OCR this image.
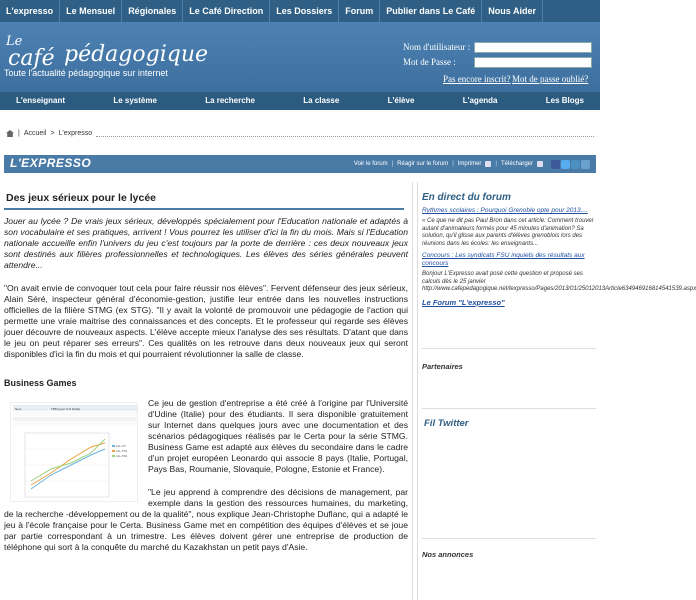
L'expresso	Le Mensuel	Régionales	Le Café Direction	Les Dossiers	Forum	Publier dans Le Café	Nous Aider
Le
café pédagogique
Toute l'actualité pédagogique sur internet
Nom d'utilisateur :
Mot de Passe :
Pas encore inscrit? Mot de passe oublié?
L'enseignant	Le système	La recherche	La classe	L'élève	L'agenda	Les Blogs
| Accueil > L'expresso
L'EXPRESSO	Voir le forum | Réagir sur le forum | Imprimer | Télécharger
Des jeux sérieux pour le lycée

Jouer au lycée ? De vrais jeux sérieux, développés spécialement pour l'Education nationale et adaptés à son vocabulaire et ses pratiques, arrivent ! Vous pourrez les utiliser d'ici la fin du mois. Mais si l'Education nationale accueille enfin l'univers du jeu c'est toujours par la porte de derrière : ces deux nouveaux jeux sont destinés aux filières professionnelles et technologiques. Les élèves des séries générales peuvent attendre...

"On avait envie de convoquer tout cela pour faire réussir nos élèves". Fervent défenseur des jeux sérieux, Alain Séré, inspecteur général d'économie-gestion, justifie leur entrée dans les nouvelles instructions officielles de la filière STMG (ex STG). "Il y avait la volonté de promouvoir une pédagogie de l'action qui permette une vraie maitrise des connaissances et des concepts. Et le professeur qui regarde ses élèves jouer découvre de nouveaux aspects. L'élève accepte mieux l'analyse des ses résultats. D'atant que dans le jeu on peut réparer ses erreurs". Ces qualités on les retrouve dans deux nouveaux jeux qui seront disponibles d'ici la fin du mois et qui pourraient révolutionner la salle de classe.

Business Games

Nom	TRM (pour le 8 fertile)
ALL-VP
ALL-TR1
ALL-TR2

Ce jeu de gestion d'entreprise a été créé à l'origine par l'Université d'Udine (Italie) pour des étudiants. Il sera disponible gratuitement sur Internet dans quelques jours avec une documentation et des scénarios pédagogiques réalisés par le Certa pour la série STMG. Business Game est adapté aux élèves du secondaire dans le cadre d'un projet européen Leonardo qui associe 8 pays (Italie, Portugal, Pays Bas, Roumanie, Slovaquie, Pologne, Estonie et France).

"Le jeu apprend à comprendre des décisions de management, par exemple dans la gestion des ressources humaines, du marketing, de la recherche -développement ou de la qualité", nous explique Jean-Christophe Duflanc, qui a adapté le jeu à l'école française pour le Certa. Business Game met en compétition des équipes d'élèves et se joue par partie correspondant à un trimestre. Les élèves doivent gérer une entreprise de production de téléphone qui sort à la conquête du marché du Kazakhstan un petit pays d'Asie.

En direct du forum
Rythmes scolaires : Pourquoi Grenoble opte pour 2013....

« Ce que ne dit pas Paul Bron dans cet article: Comment trouver autant d'animateurs formés pour 45 minutes d'animation? Sa solution, qu'il glisse aux parents d'élèves grenoblois lors des réunions dans les écoles: les enseignants...

Concours : Les syndicats FSU inquiets des résultats aux concours

Bonjour L'Expresso avait posé cette question et proposé ses calculs dès le 25 janvier http://www.cafepedagogique.net/lexpresso/Pages/2013/01/25012013Article634946916814541539.aspx

Le Forum "L'expresso"
Partenaires
Fil Twitter
Nos annonces
